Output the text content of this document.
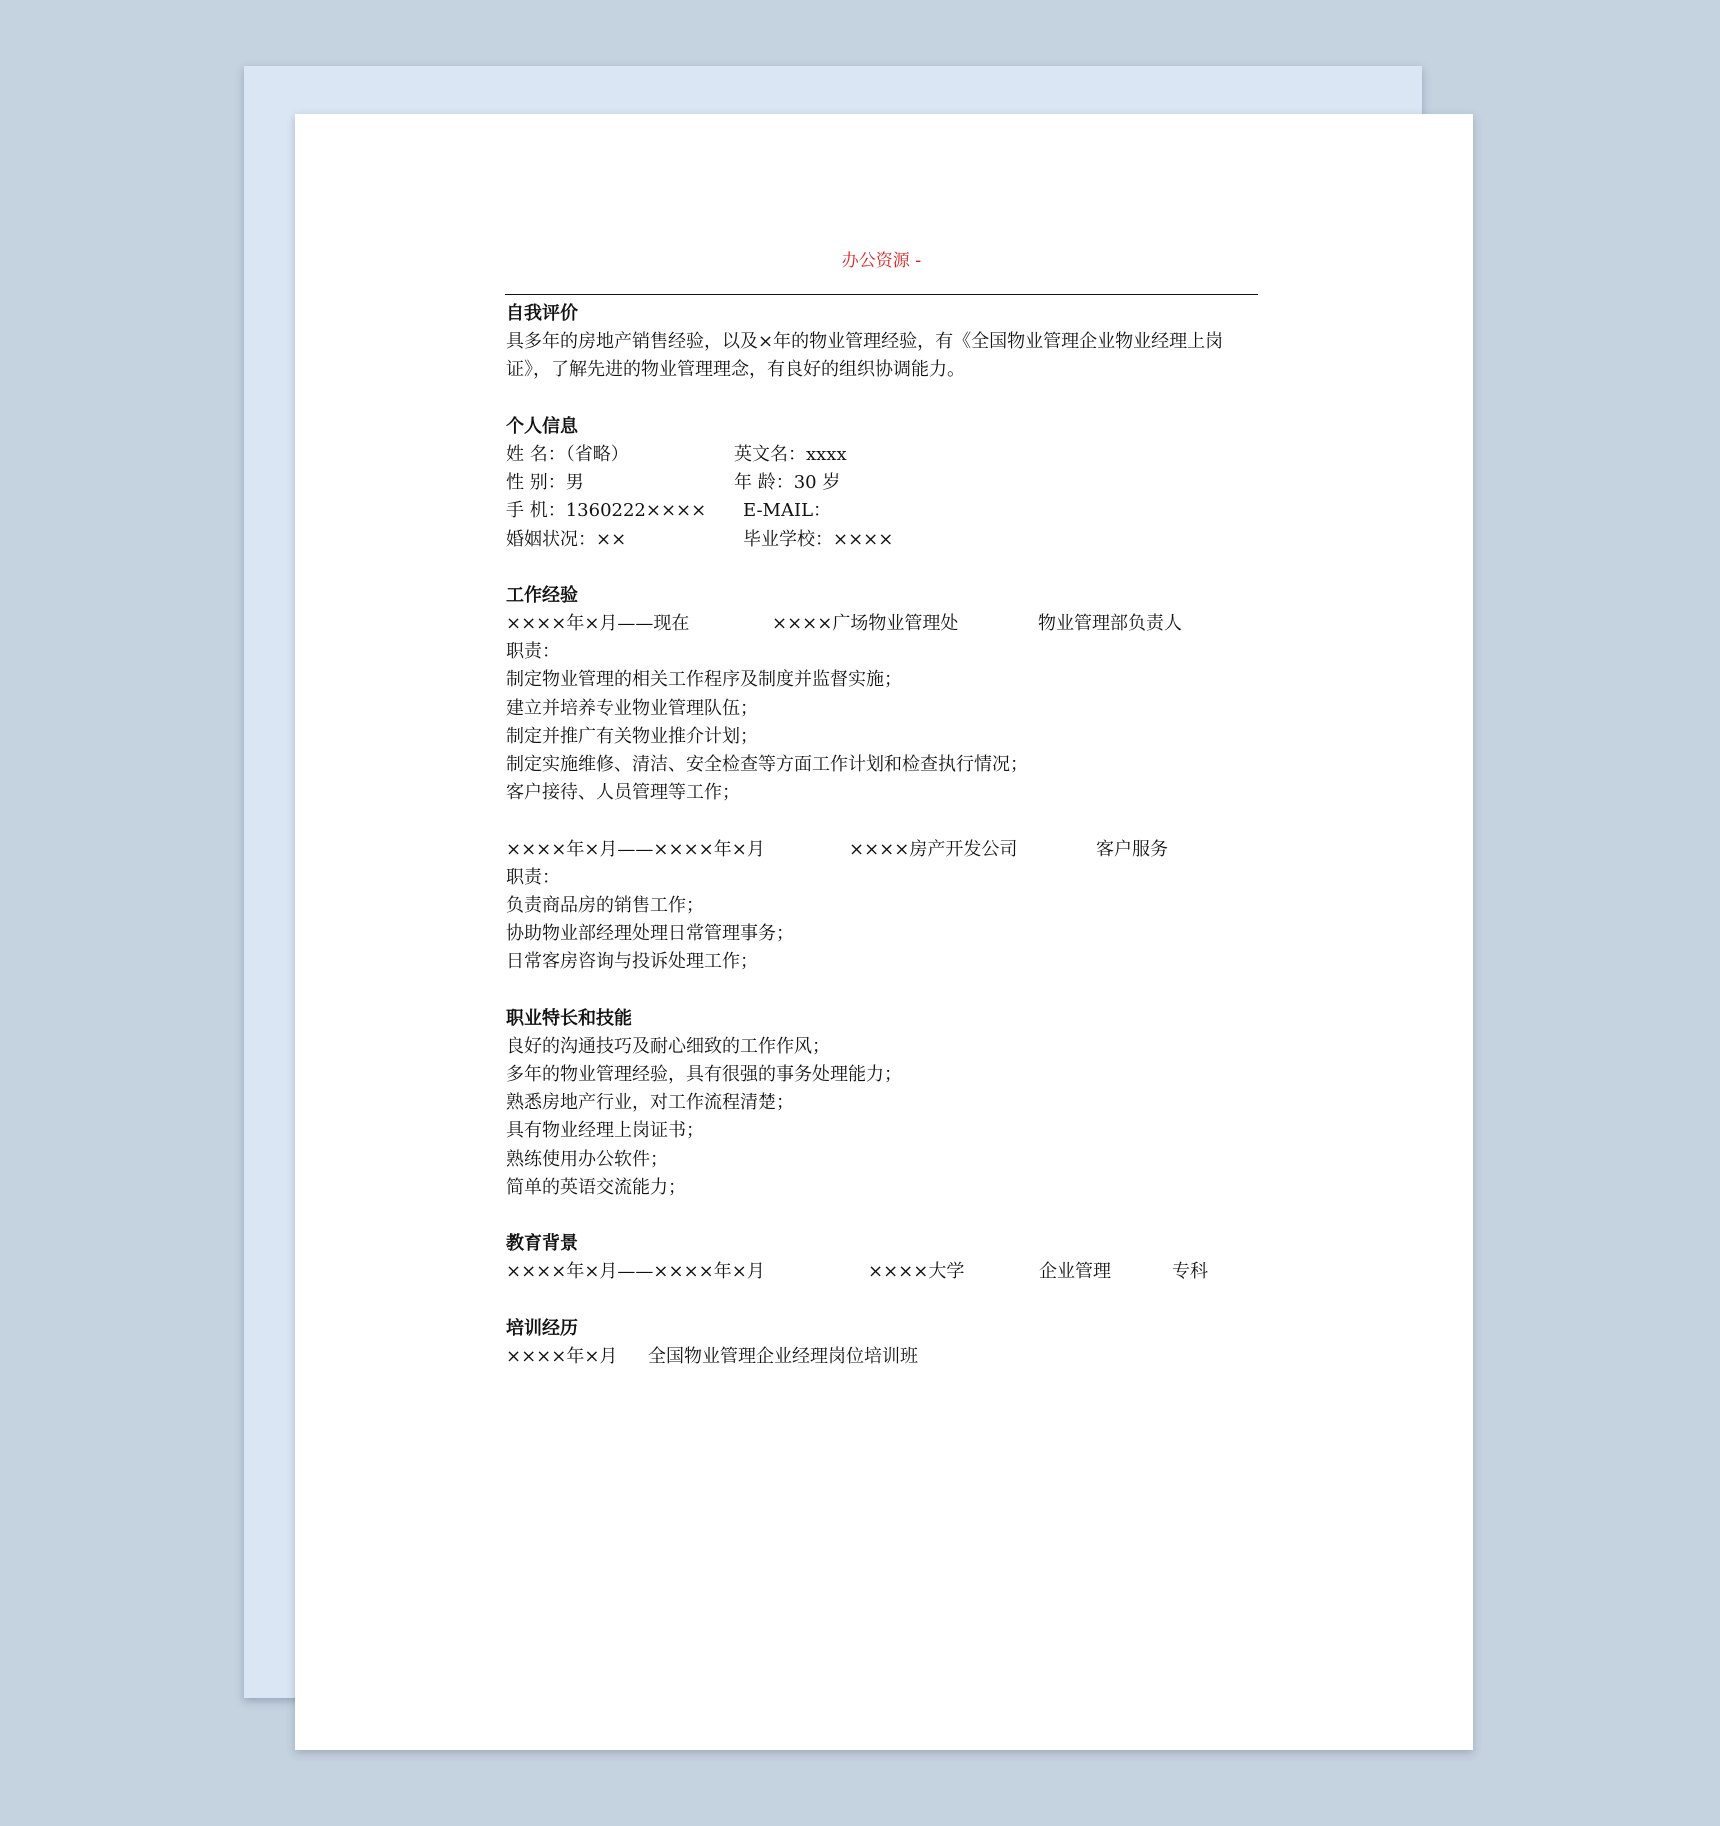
办公资源 -
自我评价
具多年的房地产销售经验，以及×年的物业管理经验，有《全国物业管理企业物业经理上岗证》，了解先进的物业管理理念，有良好的组织协调能力。
个人信息
姓 名：（省略）	英文名：xxxx
性 别：男	年 龄：30 岁
手 机：1360222×××× E-MAIL：
婚姻状况：××	毕业学校：××××
工作经验
××××年×月——现在	××××广场物业管理处	物业管理部负责人
职责：
制定物业管理的相关工作程序及制度并监督实施；
建立并培养专业物业管理队伍；
制定并推广有关物业推介计划；
制定实施维修、清洁、安全检查等方面工作计划和检查执行情况；
客户接待、人员管理等工作；
××××年×月——××××年×月	××××房产开发公司	客户服务
职责：
负责商品房的销售工作；
协助物业部经理处理日常管理事务；
日常客房咨询与投诉处理工作；
职业特长和技能
良好的沟通技巧及耐心细致的工作作风；
多年的物业管理经验，具有很强的事务处理能力；
熟悉房地产行业，对工作流程清楚；
具有物业经理上岗证书；
熟练使用办公软件；
简单的英语交流能力；
教育背景
××××年×月——××××年×月	××××大学	企业管理	专科
培训经历
××××年×月 全国物业管理企业经理岗位培训班
